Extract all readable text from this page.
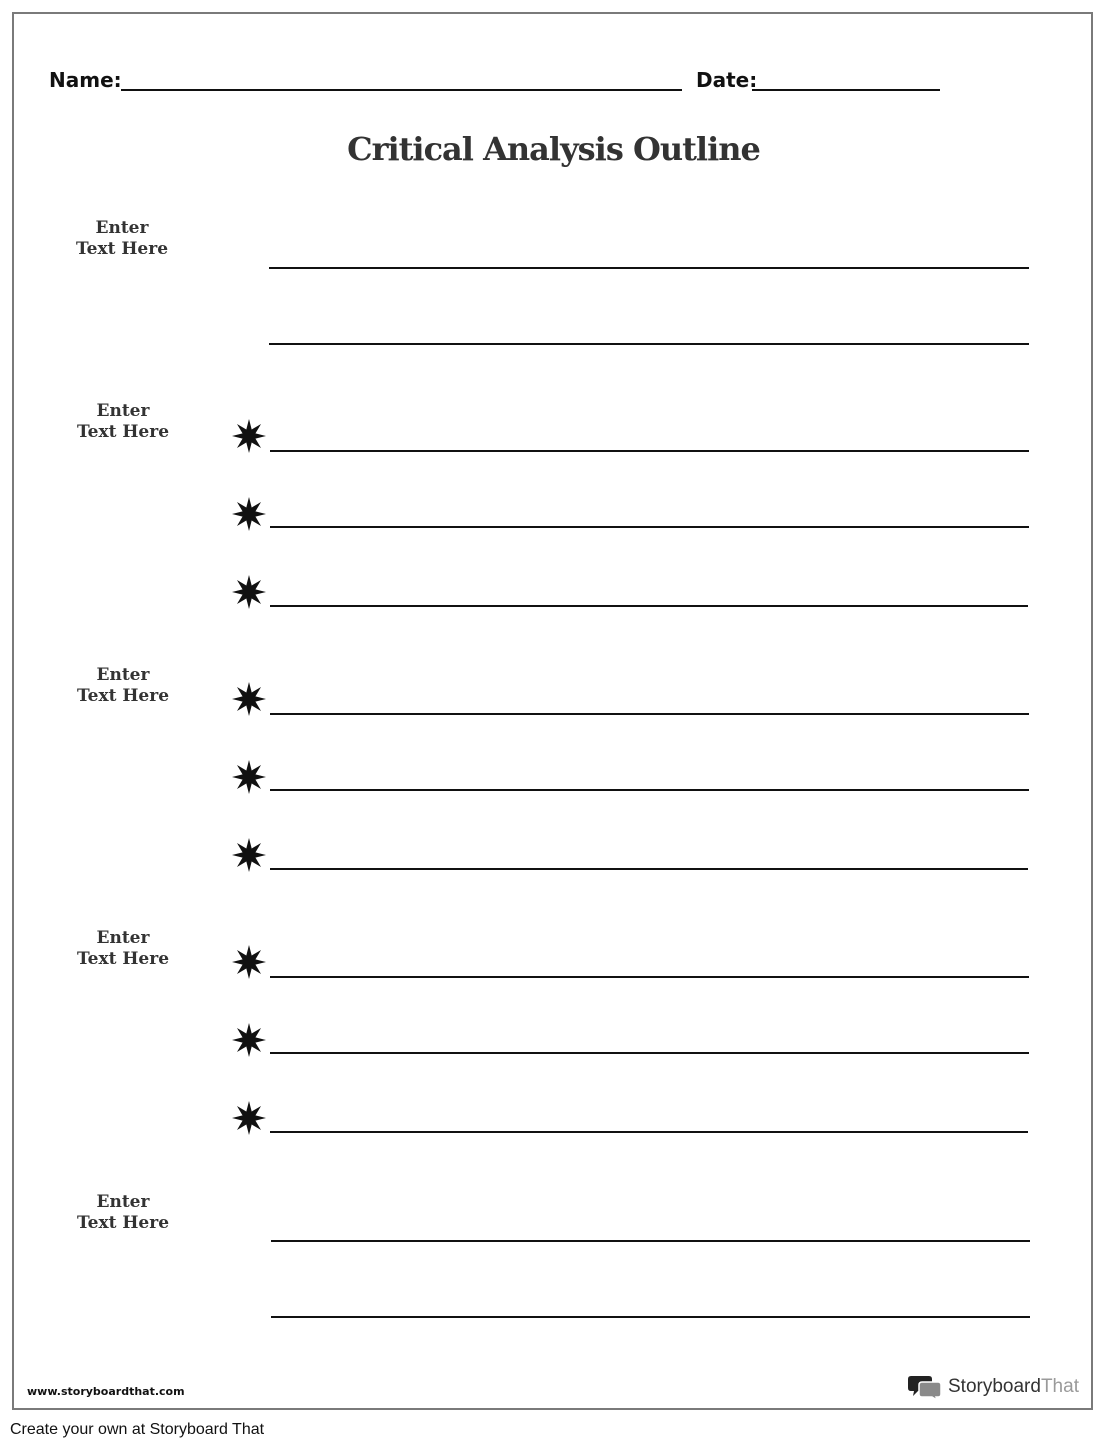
Name:	Date:
Critical Analysis Outline
Enter
Text Here
Enter
Text Here
Enter
Text Here
Enter
Text Here
Enter
Text Here
www.storyboardthat.com	Storyboard That
Create your own at Storyboard That
